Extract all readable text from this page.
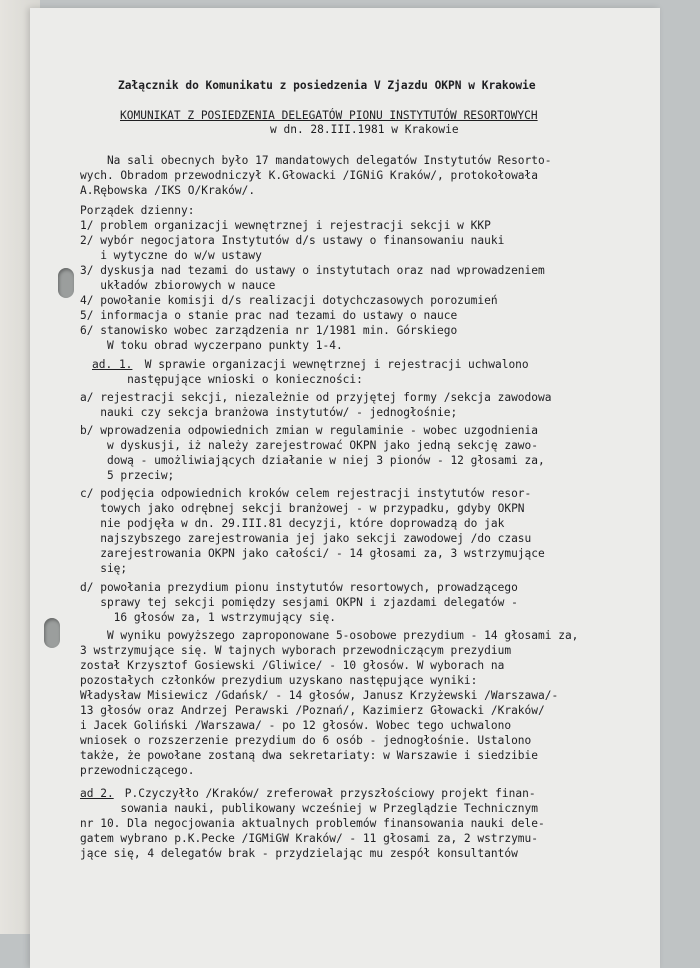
Załącznik do Komunikatu z posiedzenia V Zjazdu OKPN w Krakowie
KOMUNIKAT Z POSIEDZENIA DELEGATÓW PIONU INSTYTUTÓW RESORTOWYCH
w dn. 28.III.1981 w Krakowie
Na sali obecnych było 17 mandatowych delegatów Instytutów Resorto-
wych. Obradom przewodniczył K.Głowacki /IGNiG Kraków/, protokołowała
A.Rębowska /IKS O/Kraków/.
Porządek dzienny:
1/ problem organizacji wewnętrznej i rejestracji sekcji w KKP
2/ wybór negocjatora Instytutów d/s ustawy o finansowaniu nauki
i wytyczne do w/w ustawy
3/ dyskusja nad tezami do ustawy o instytutach oraz nad wprowadzeniem
układów zbiorowych w nauce
4/ powołanie komisji d/s realizacji dotychczasowych porozumień
5/ informacja o stanie prac nad tezami do ustawy o nauce
6/ stanowisko wobec zarządzenia nr 1/1981 min. Górskiego
W toku obrad wyczerpano punkty 1-4.
ad. 1. W sprawie organizacji wewnętrznej i rejestracji uchwalono
następujące wnioski o konieczności:
a/ rejestracji sekcji, niezależnie od przyjętej formy /sekcja zawodowa
nauki czy sekcja branżowa instytutów/ - jednogłośnie;
b/ wprowadzenia odpowiednich zmian w regulaminie - wobec uzgodnienia
w dyskusji, iż należy zarejestrować OKPN jako jedną sekcję zawo-
dową - umożliwiających działanie w niej 3 pionów - 12 głosami za,
5 przeciw;
c/ podjęcia odpowiednich kroków celem rejestracji instytutów resor-
towych jako odrębnej sekcji branżowej - w przypadku, gdyby OKPN
nie podjęła w dn. 29.III.81 decyzji, które doprowadzą do jak
najszybszego zarejestrowania jej jako sekcji zawodowej /do czasu
zarejestrowania OKPN jako całości/ - 14 głosami za, 3 wstrzymujące
się;
d/ powołania prezydium pionu instytutów resortowych, prowadzącego
sprawy tej sekcji pomiędzy sesjami OKPN i zjazdami delegatów -
16 głosów za, 1 wstrzymujący się.
W wyniku powyższego zaproponowane 5-osobowe prezydium - 14 głosami za,
3 wstrzymujące się. W tajnych wyborach przewodniczącym prezydium
został Krzysztof Gosiewski /Gliwice/ - 10 głosów. W wyborach na
pozostałych członków prezydium uzyskano następujące wyniki:
Władysław Misiewicz /Gdańsk/ - 14 głosów, Janusz Krzyżewski /Warszawa/-
13 głosów oraz Andrzej Perawski /Poznań/, Kazimierz Głowacki /Kraków/
i Jacek Goliński /Warszawa/ - po 12 głosów. Wobec tego uchwalono
wniosek o rozszerzenie prezydium do 6 osób - jednogłośnie. Ustalono
także, że powołane zostaną dwa sekretariaty: w Warszawie i siedzibie
przewodniczącego.
ad 2. P.Czyczyłło /Kraków/ zreferował przyszłościowy projekt finan-
sowania nauki, publikowany wcześniej w Przeglądzie Technicznym
nr 10. Dla negocjowania aktualnych problemów finansowania nauki dele-
gatem wybrano p.K.Pecke /IGMiGW Kraków/ - 11 głosami za, 2 wstrzymu-
jące się, 4 delegatów brak - przydzielając mu zespół konsultantów
